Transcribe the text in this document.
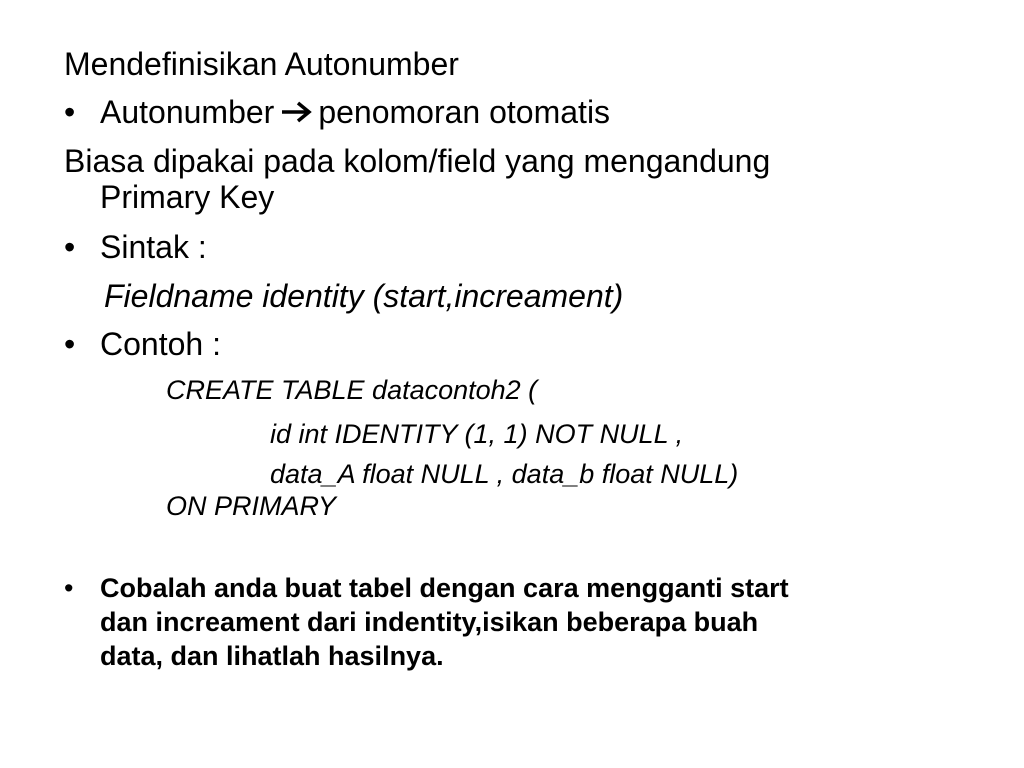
Mendefinisikan Autonumber
• Autonumber penomoran otomatis
Biasa dipakai pada kolom/field yang mengandung
Primary Key
• Sintak :
Fieldname identity (start,increament)
• Contoh :
CREATE TABLE datacontoh2 (
id int IDENTITY (1, 1) NOT NULL ,
data_A float NULL , data_b float NULL)
ON PRIMARY
• Cobalah anda buat tabel dengan cara mengganti start
dan increament dari indentity,isikan beberapa buah
data, dan lihatlah hasilnya.
